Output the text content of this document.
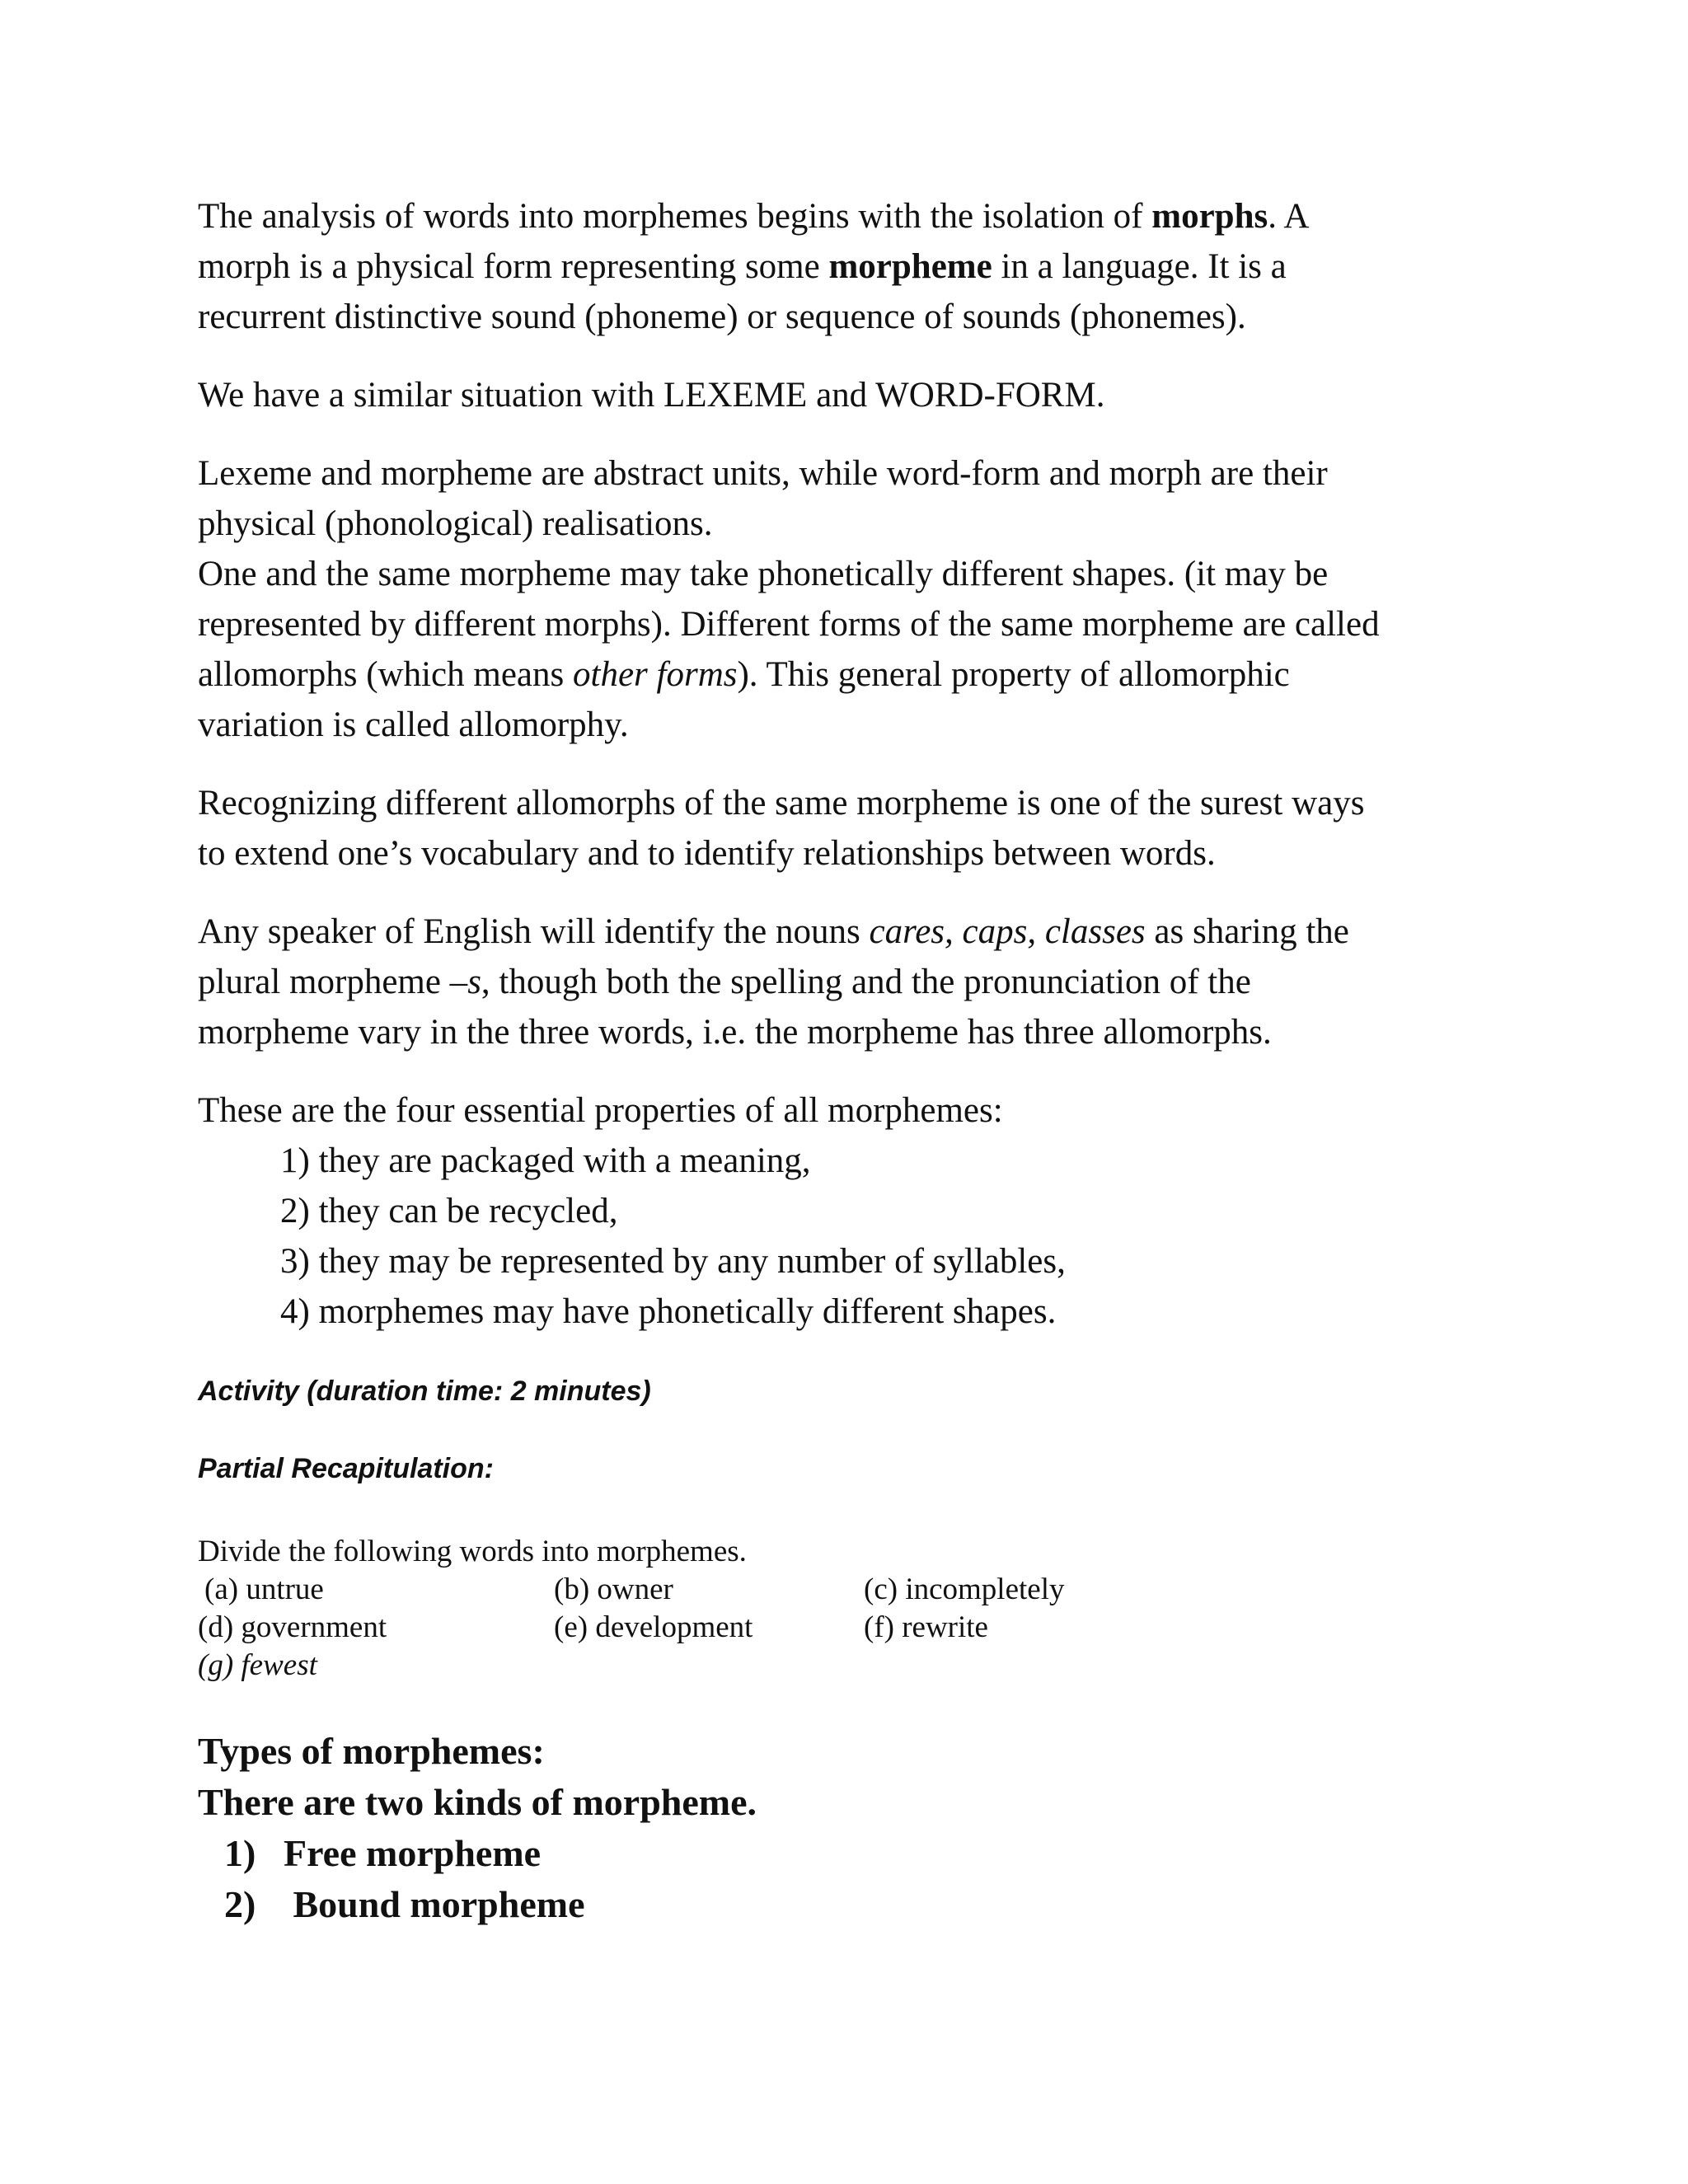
The analysis of words into morphemes begins with the isolation of morphs. A
morph is a physical form representing some morpheme in a language. It is a
recurrent distinctive sound (phoneme) or sequence of sounds (phonemes).
We have a similar situation with LEXEME and WORD-FORM.
Lexeme and morpheme are abstract units, while word-form and morph are their
physical (phonological) realisations.
One and the same morpheme may take phonetically different shapes. (it may be
represented by different morphs). Different forms of the same morpheme are called
allomorphs (which means other forms). This general property of allomorphic
variation is called allomorphy.
Recognizing different allomorphs of the same morpheme is one of the surest ways
to extend one’s vocabulary and to identify relationships between words.
Any speaker of English will identify the nouns cares, caps, classes as sharing the
plural morpheme –s, though both the spelling and the pronunciation of the
morpheme vary in the three words, i.e. the morpheme has three allomorphs.
These are the four essential properties of all morphemes:
1) they are packaged with a meaning,
2) they can be recycled,
3) they may be represented by any number of syllables,
4) morphemes may have phonetically different shapes.
Activity (duration time: 2 minutes)
Partial Recapitulation:
Divide the following words into morphemes.
(a) untrue	(b) owner	(c) incompletely
(d) government	(e) development	(f) rewrite
(g) fewest
Types of morphemes:
There are two kinds of morpheme.
1) Free morpheme
2) Bound morpheme
